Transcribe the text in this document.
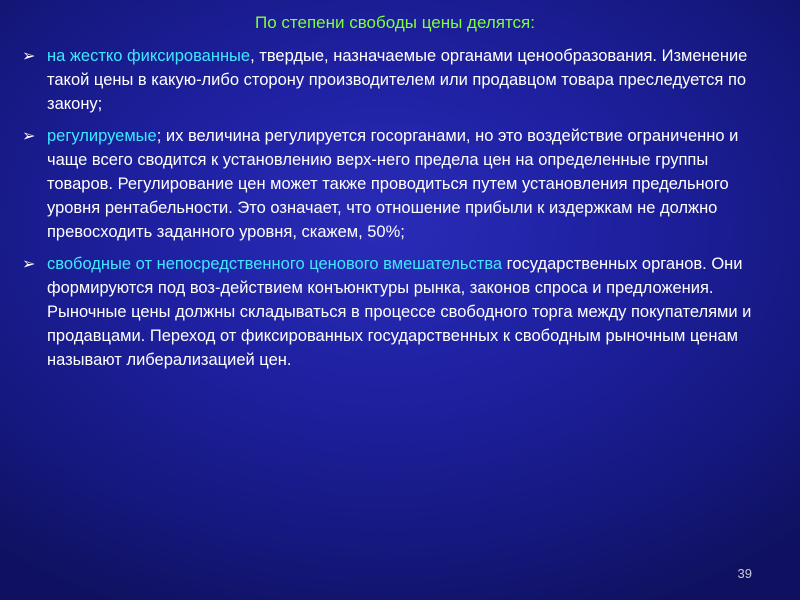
По степени свободы цены делятся:
➢ на жестко фиксированные, твердые, назначаемые органами ценообразования. Изменение такой цены в какую-либо сторону производителем или продавцом товара преследуется по закону;
➢ регулируемые; их величина регулируется госорганами, но это воздействие ограниченно и чаще всего сводится к установлению верх-него предела цен на определенные группы товаров. Регулирование цен может также проводиться путем установления предельного уровня рентабельности. Это означает, что отношение прибыли к издержкам не должно превосходить заданного уровня, скажем, 50%;
➢ свободные от непосредственного ценового вмешательства государственных органов. Они формируются под воз-действием конъюнктуры рынка, законов спроса и предложения. Рыночные цены должны складываться в процессе свободного торга между покупателями и продавцами. Переход от фиксированных государственных к свободным рыночным ценам называют либерализацией цен.
39
